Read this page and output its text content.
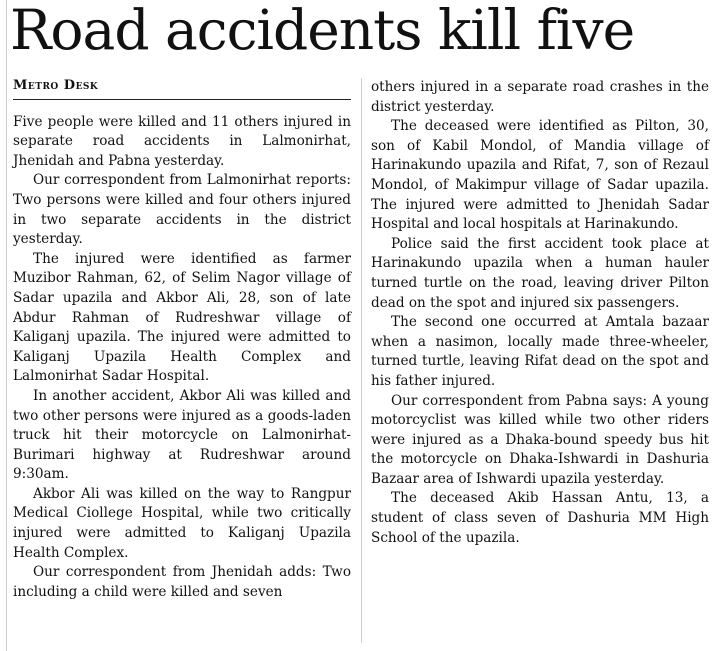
Road accidents kill five
Metro Desk

Five people were killed and 11 others injured in separate road accidents in Lalmonirhat, Jhenidah and Pabna yesterday.

Our correspondent from Lalmonirhat reports: Two persons were killed and four others injured in two separate accidents in the district yesterday.

The injured were identified as farmer Muzibor Rahman, 62, of Selim Nagor village of Sadar upazila and Akbor Ali, 28, son of late Abdur Rahman of Rudreshwar village of Kaliganj upazila. The injured were admitted to Kaliganj Upazila Health Complex and Lalmonirhat Sadar Hospital.

In another accident, Akbor Ali was killed and two other persons were injured as a goods-laden truck hit their motorcycle on Lalmonirhat-Burimari highway at Rudreshwar around 9:30am.

Akbor Ali was killed on the way to Rangpur Medical Ciollege Hospital, while two critically injured were admitted to Kaliganj Upazila Health Complex.

Our correspondent from Jhenidah adds: Two including a child were killed and seven

others injured in a separate road crashes in the district yesterday.

The deceased were identified as Pilton, 30, son of Kabil Mondol, of Mandia village of Harinakundo upazila and Rifat, 7, son of Rezaul Mondol, of Makimpur village of Sadar upazila. The injured were admitted to Jhenidah Sadar Hospital and local hospitals at Harinakundo.

Police said the first accident took place at Harinakundo upazila when a human hauler turned turtle on the road, leaving driver Pilton dead on the spot and injured six passengers.

The second one occurred at Amtala bazaar when a nasimon, locally made three-wheeler, turned turtle, leaving Rifat dead on the spot and his father injured.

Our correspondent from Pabna says: A young motorcyclist was killed while two other riders were injured as a Dhaka-bound speedy bus hit the motorcycle on Dhaka-Ishwardi in Dashuria Bazaar area of Ishwardi upazila yesterday.

The deceased Akib Hassan Antu, 13, a student of class seven of Dashuria MM High School of the upazila.
